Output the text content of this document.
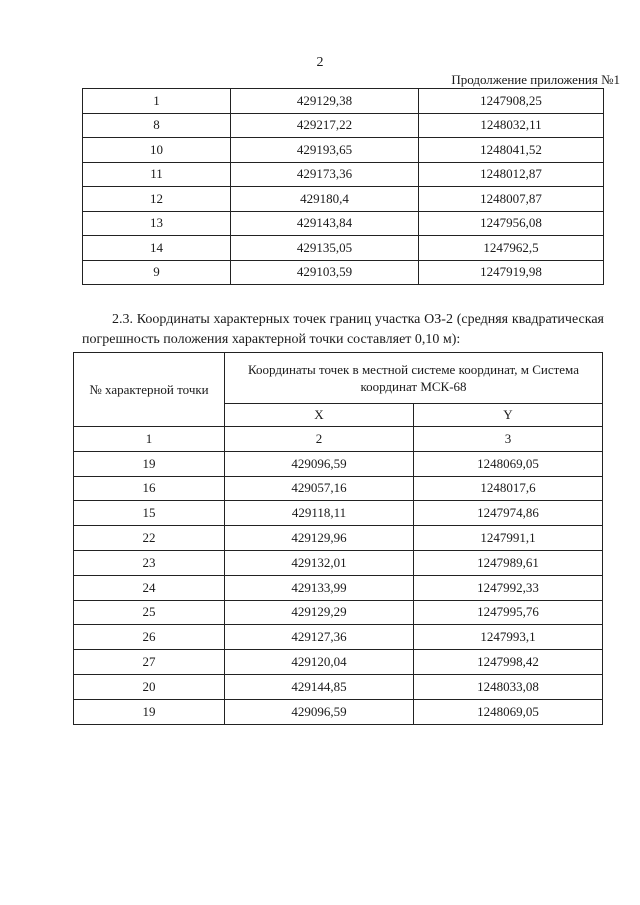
2
Продолжение приложения №1
1	429129,38	1247908,25
8	429217,22	1248032,11
10	429193,65	1248041,52
11	429173,36	1248012,87
12	429180,4	1248007,87
13	429143,84	1247956,08
14	429135,05	1247962,5
9	429103,59	1247919,98
2.3. Координаты характерных точек границ участка ОЗ-2 (средняя квадратическая погрешность положения характерной точки составляет 0,10 м):
№ характерной точки	Координаты точек в местной системе координат, м Система координат МСК-68	
	X	Y
1	2	3
19	429096,59	1248069,05
16	429057,16	1248017,6
15	429118,11	1247974,86
22	429129,96	1247991,1
23	429132,01	1247989,61
24	429133,99	1247992,33
25	429129,29	1247995,76
26	429127,36	1247993,1
27	429120,04	1247998,42
20	429144,85	1248033,08
19	429096,59	1248069,05
